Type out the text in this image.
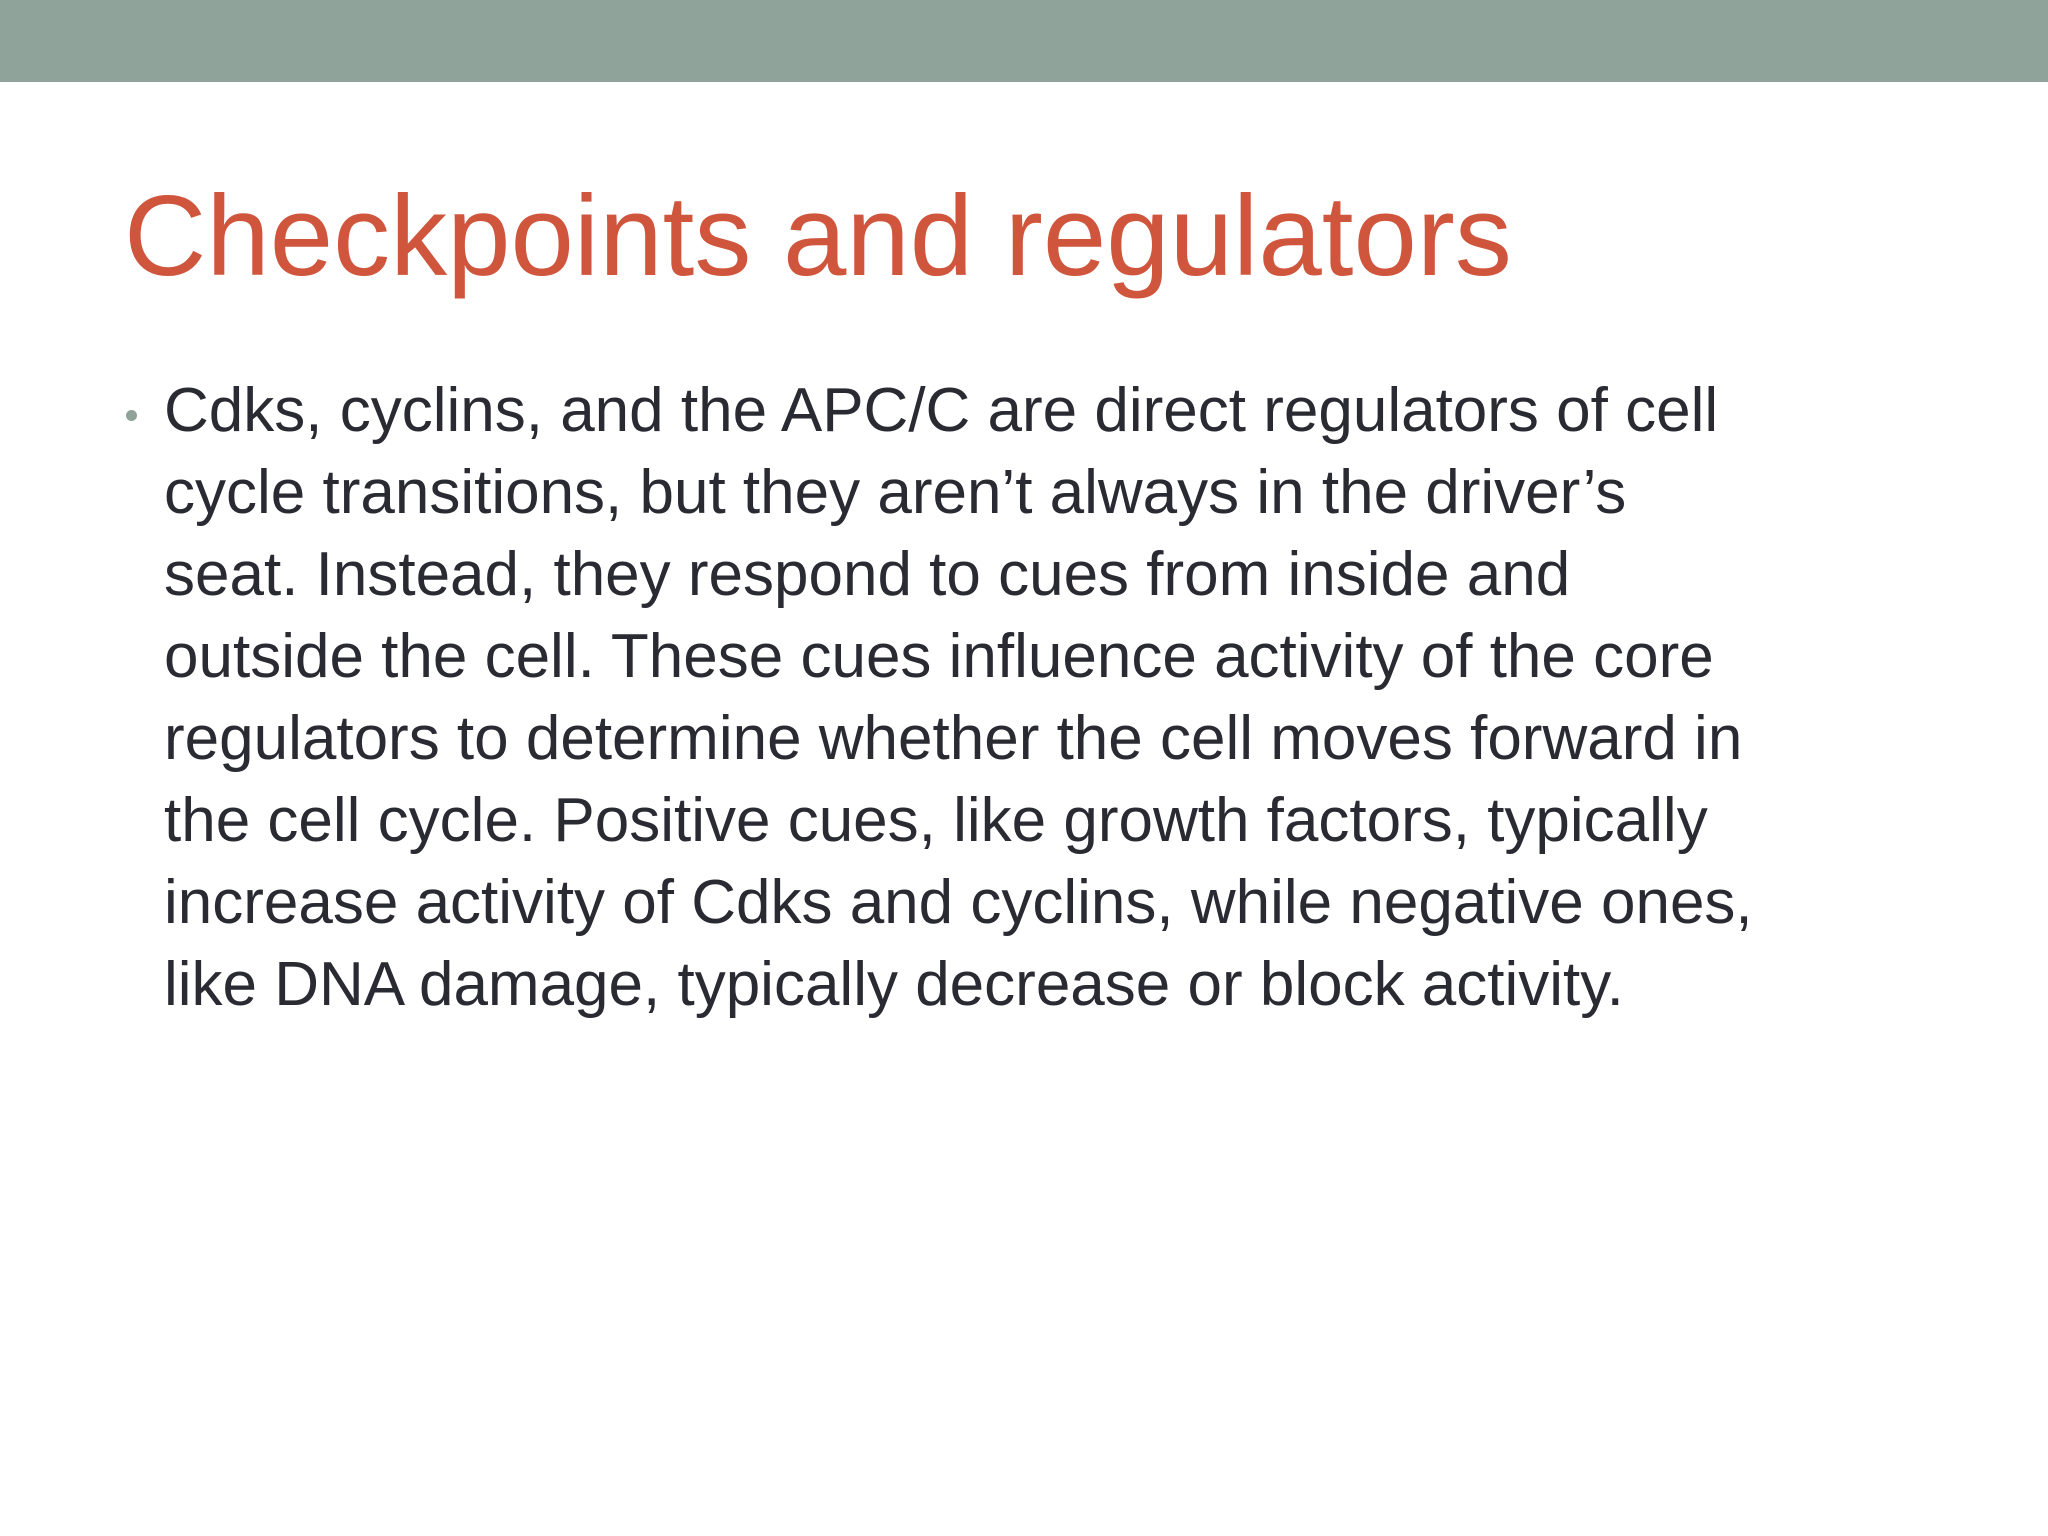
Checkpoints and regulators
Cdks, cyclins, and the APC/C are direct regulators of cell
cycle transitions, but they aren’t always in the driver’s
seat. Instead, they respond to cues from inside and
outside the cell. These cues influence activity of the core
regulators to determine whether the cell moves forward in
the cell cycle. Positive cues, like growth factors, typically
increase activity of Cdks and cyclins, while negative ones,
like DNA damage, typically decrease or block activity.
